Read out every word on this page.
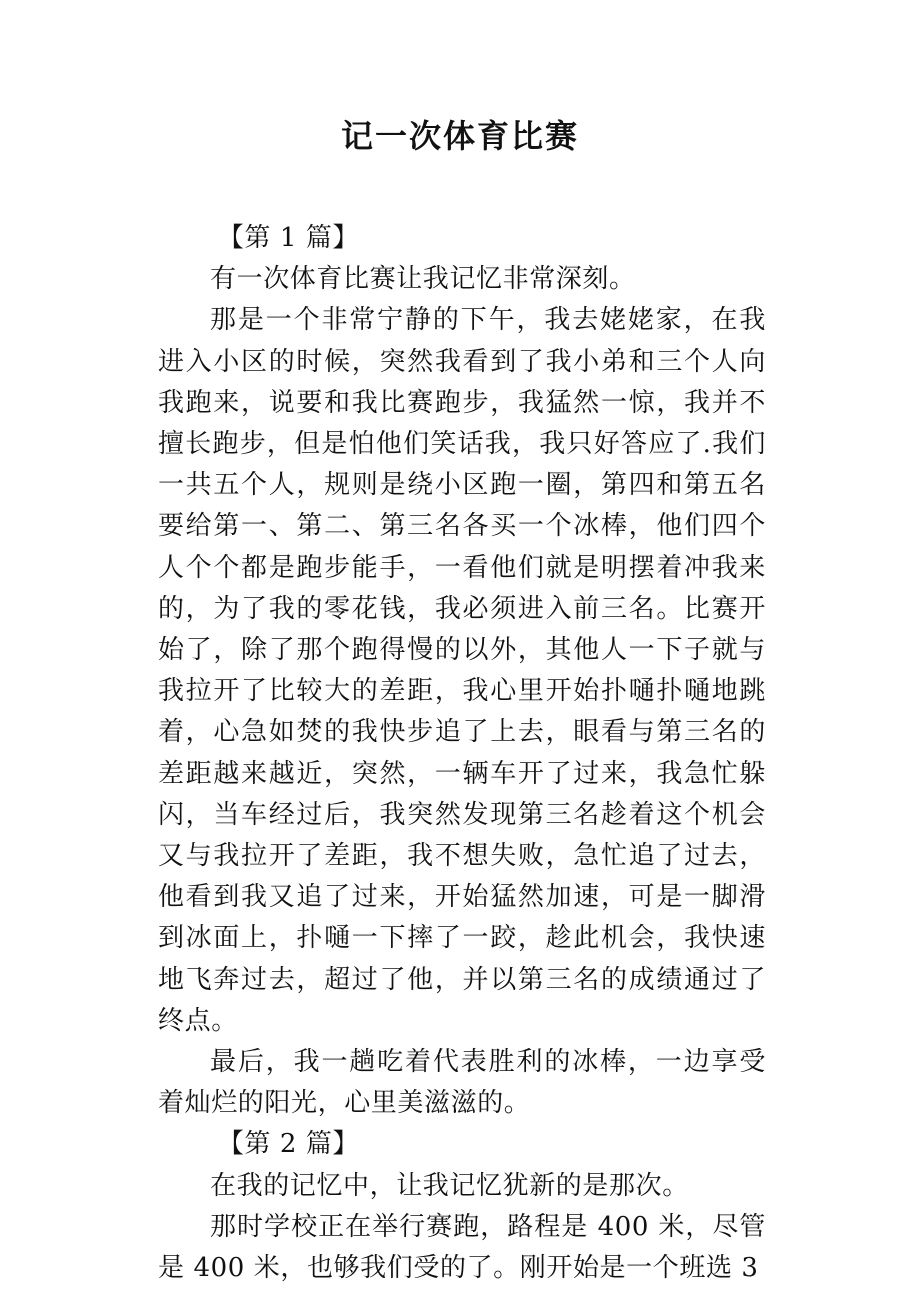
记一次体育比赛

【第 1 篇】

有一次体育比赛让我记忆非常深刻。

那是一个非常宁静的下午，我去姥姥家，在我进入小区的时候，突然我看到了我小弟和三个人向我跑来，说要和我比赛跑步，我猛然一惊，我并不擅长跑步，但是怕他们笑话我，我只好答应了.我们一共五个人，规则是绕小区跑一圈，第四和第五名要给第一、第二、第三名各买一个冰棒，他们四个人个个都是跑步能手，一看他们就是明摆着冲我来的，为了我的零花钱，我必须进入前三名。比赛开始了，除了那个跑得慢的以外，其他人一下子就与我拉开了比较大的差距，我心里开始扑嗵扑嗵地跳着，心急如焚的我快步追了上去，眼看与第三名的差距越来越近，突然，一辆车开了过来，我急忙躲闪，当车经过后，我突然发现第三名趁着这个机会又与我拉开了差距，我不想失败，急忙追了过去，他看到我又追了过来，开始猛然加速，可是一脚滑到冰面上，扑嗵一下摔了一跤，趁此机会，我快速地飞奔过去，超过了他，并以第三名的成绩通过了终点。

最后，我一趟吃着代表胜利的冰棒，一边享受着灿烂的阳光，心里美滋滋的。

【第 2 篇】

在我的记忆中，让我记忆犹新的是那次。

那时学校正在举行赛跑，路程是 400 米，尽管是 400 米，也够我们受的了。刚开始是一个班选 3
